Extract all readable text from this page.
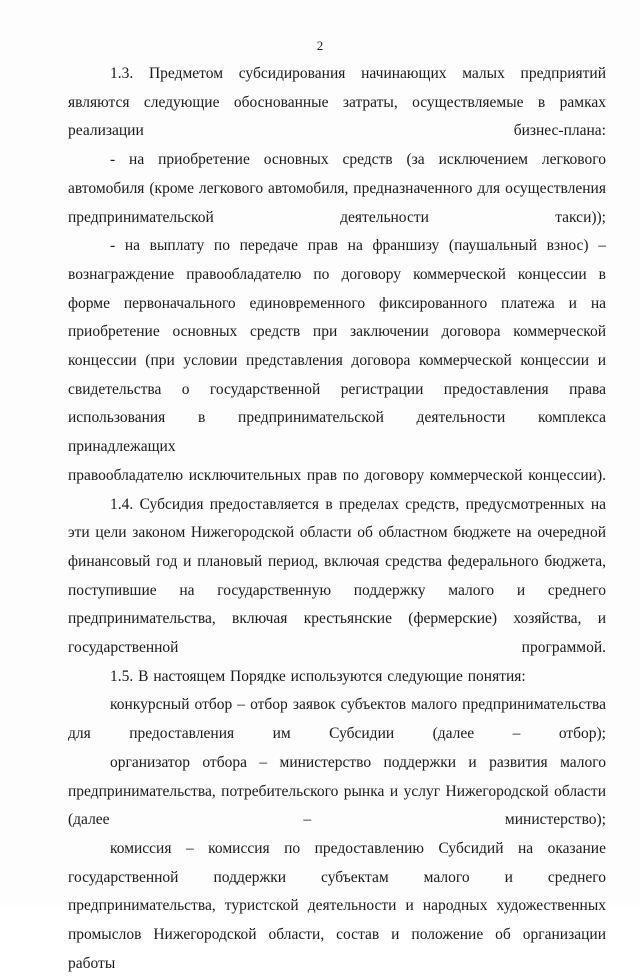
2

1.3. Предметом субсидирования начинающих малых предприятий
являются следующие обоснованные затраты, осуществляемые в рамках
реализации бизнес-плана:

- на приобретение основных средств (за исключением легкового
автомобиля (кроме легкового автомобиля, предназначенного для осуществления
предпринимательской деятельности такси));

- на выплату по передаче прав на франшизу (паушальный взнос) –
вознаграждение правообладателю по договору коммерческой концессии в
форме первоначального единовременного фиксированного платежа и на
приобретение основных средств при заключении договора коммерческой
концессии (при условии представления договора коммерческой концессии и
свидетельства о государственной регистрации предоставления права
использования в предпринимательской деятельности комплекса принадлежащих
правообладателю исключительных прав по договору коммерческой концессии).

1.4. Субсидия предоставляется в пределах средств, предусмотренных на
эти цели законом Нижегородской области об областном бюджете на очередной
финансовый год и плановый период, включая средства федерального бюджета,
поступившие на государственную поддержку малого и среднего
предпринимательства, включая крестьянские (фермерские) хозяйства, и
государственной программой.

1.5. В настоящем Порядке используются следующие понятия:

конкурсный отбор – отбор заявок субъектов малого предпринимательства
для предоставления им Субсидии (далее – отбор);

организатор отбора – министерство поддержки и развития малого
предпринимательства, потребительского рынка и услуг Нижегородской области
(далее – министерство);

комиссия – комиссия по предоставлению Субсидий на оказание
государственной поддержки субъектам малого и среднего
предпринимательства, туристской деятельности и народных художественных
промыслов Нижегородской области, состав и положение об организации работы
